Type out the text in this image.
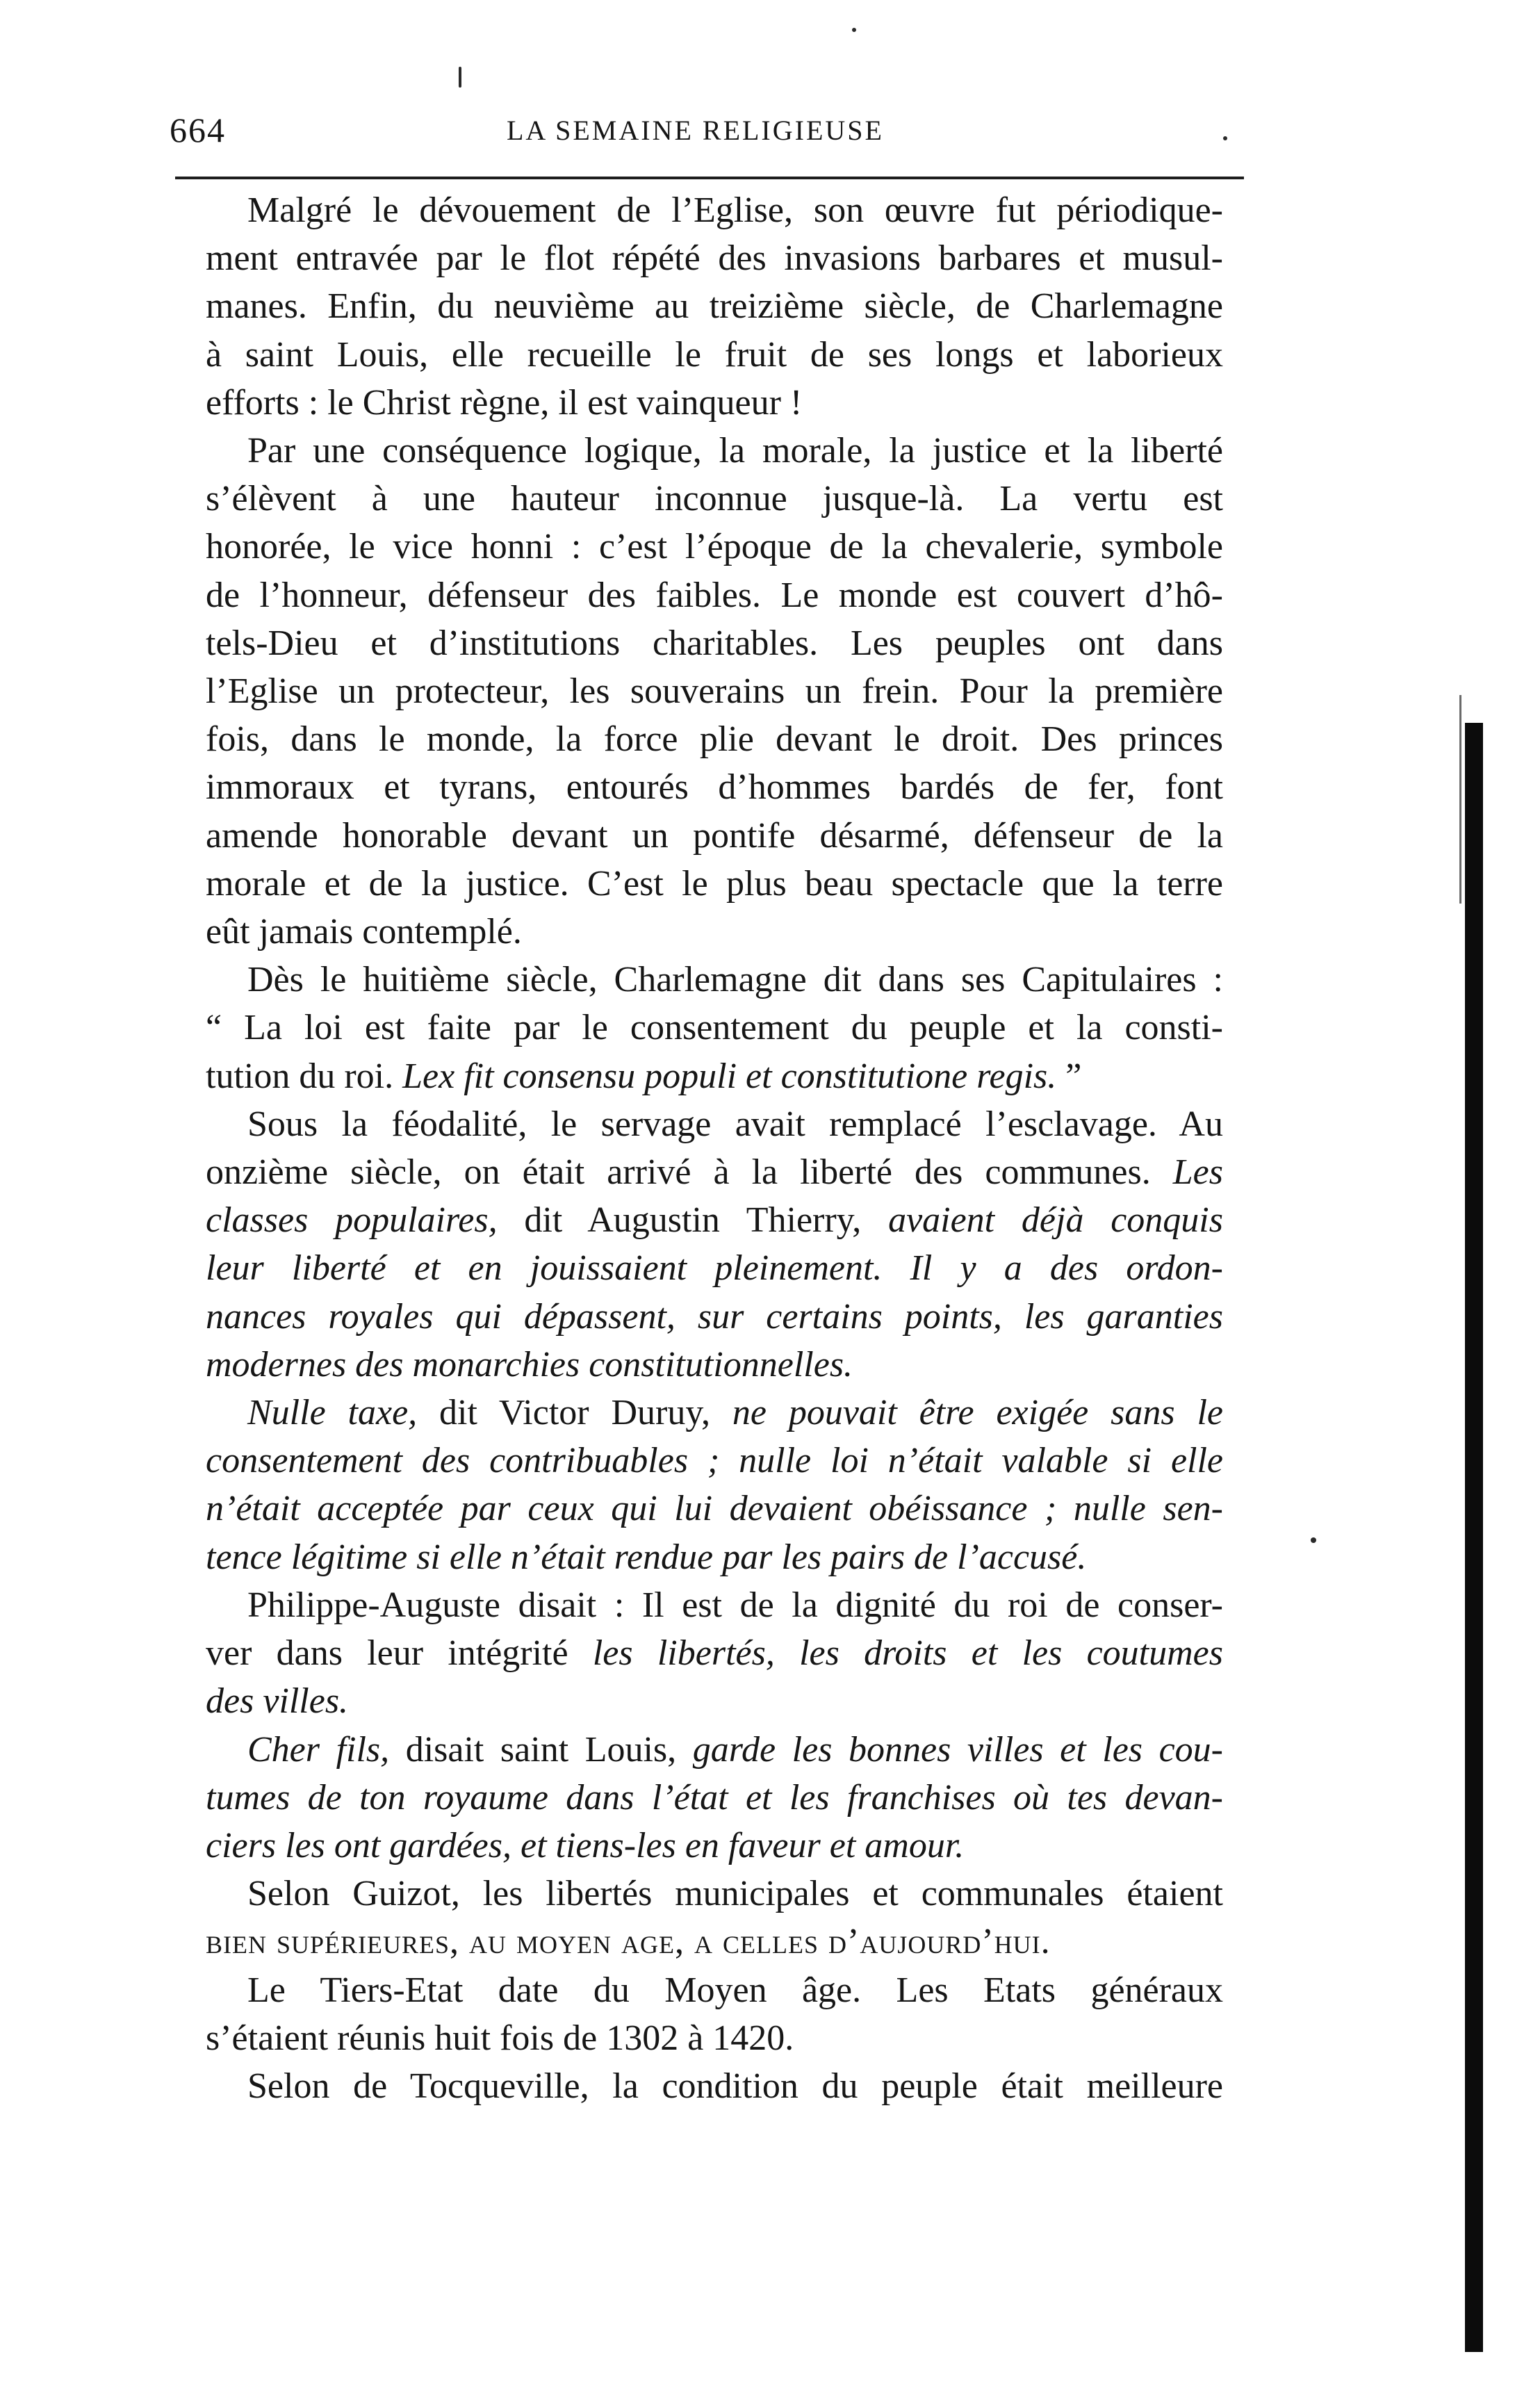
664	LA SEMAINE RELIGIEUSE
Malgré le dévouement de l’Eglise, son œuvre fut périodique-
ment entravée par le flot répété des invasions barbares et musul-
manes. Enfin, du neuvième au treizième siècle, de Charlemagne
à saint Louis, elle recueille le fruit de ses longs et laborieux
efforts : le Christ règne, il est vainqueur !
Par une conséquence logique, la morale, la justice et la liberté
s’élèvent à une hauteur inconnue jusque-là. La vertu est
honorée, le vice honni : c’est l’époque de la chevalerie, symbole
de l’honneur, défenseur des faibles. Le monde est couvert d’hô-
tels-Dieu et d’institutions charitables. Les peuples ont dans
l’Eglise un protecteur, les souverains un frein. Pour la première
fois, dans le monde, la force plie devant le droit. Des princes
immoraux et tyrans, entourés d’hommes bardés de fer, font
amende honorable devant un pontife désarmé, défenseur de la
morale et de la justice. C’est le plus beau spectacle que la terre
eût jamais contemplé.
Dès le huitième siècle, Charlemagne dit dans ses Capitulaires :
“ La loi est faite par le consentement du peuple et la consti-
tution du roi. Lex fit consensu populi et constitutione regis. ”
Sous la féodalité, le servage avait remplacé l’esclavage. Au
onzième siècle, on était arrivé à la liberté des communes. Les
classes populaires, dit Augustin Thierry, avaient déjà conquis
leur liberté et en jouissaient pleinement. Il y a des ordon-
nances royales qui dépassent, sur certains points, les garanties
modernes des monarchies constitutionnelles.
Nulle taxe, dit Victor Duruy, ne pouvait être exigée sans le
consentement des contribuables ; nulle loi n’était valable si elle
n’était acceptée par ceux qui lui devaient obéissance ; nulle sen-
tence légitime si elle n’était rendue par les pairs de l’accusé.
Philippe-Auguste disait : Il est de la dignité du roi de conser-
ver dans leur intégrité les libertés, les droits et les coutumes
des villes.
Cher fils, disait saint Louis, garde les bonnes villes et les cou-
tumes de ton royaume dans l’état et les franchises où tes devan-
ciers les ont gardées, et tiens-les en faveur et amour.
Selon Guizot, les libertés municipales et communales étaient
bien supérieures, au moyen age, a celles d’aujourd’hui.
Le Tiers-Etat date du Moyen âge. Les Etats généraux
s’étaient réunis huit fois de 1302 à 1420.
Selon de Tocqueville, la condition du peuple était meilleure
